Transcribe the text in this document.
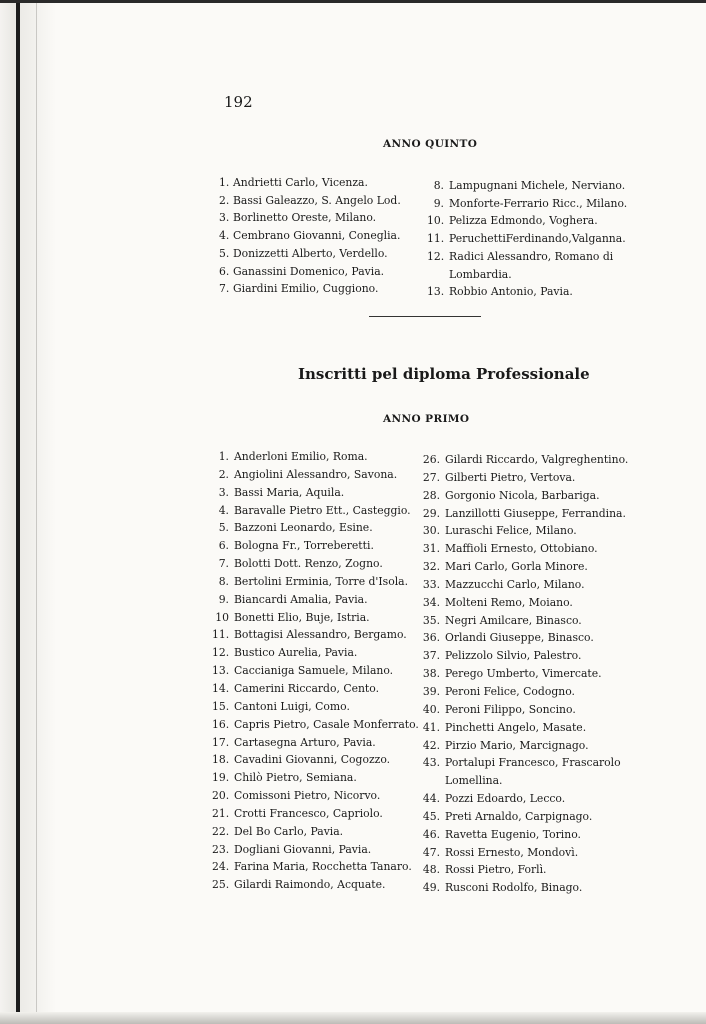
192
ANNO QUINTO
1. Andrietti Carlo, Vicenza.
2. Bassi Galeazzo, S. Angelo Lod.
3. Borlinetto Oreste, Milano.
4. Cembrano Giovanni, Coneglia.
5. Donizzetti Alberto, Verdello.
6. Ganassini Domenico, Pavia.
7. Giardini Emilio, Cuggiono.
8. Lampugnani Michele, Nerviano.
9. Monforte-Ferrario Ricc., Milano.
10. Pelizza Edmondo, Voghera.
11. PeruchettiFerdinando,Valganna.
12. Radici Alessandro, Romano di
Lombardia.
13. Robbio Antonio, Pavia.
Inscritti pel diploma Professionale
ANNO PRIMO
1. Anderloni Emilio, Roma.
2. Angiolini Alessandro, Savona.
3. Bassi Maria, Aquila.
4. Baravalle Pietro Ett., Casteggio.
5. Bazzoni Leonardo, Esine.
6. Bologna Fr., Torreberetti.
7. Bolotti Dott. Renzo, Zogno.
8. Bertolini Erminia, Torre d'Isola.
9. Biancardi Amalia, Pavia.
10 Bonetti Elio, Buje, Istria.
11. Bottagisi Alessandro, Bergamo.
12. Bustico Aurelia, Pavia.
13. Caccianiga Samuele, Milano.
14. Camerini Riccardo, Cento.
15. Cantoni Luigi, Como.
16. Capris Pietro, Casale Monferrato.
17. Cartasegna Arturo, Pavia.
18. Cavadini Giovanni, Cogozzo.
19. Chilò Pietro, Semiana.
20. Comissoni Pietro, Nicorvo.
21. Crotti Francesco, Capriolo.
22. Del Bo Carlo, Pavia.
23. Dogliani Giovanni, Pavia.
24. Farina Maria, Rocchetta Tanaro.
25. Gilardi Raimondo, Acquate.
26. Gilardi Riccardo, Valgreghentino.
27. Gilberti Pietro, Vertova.
28. Gorgonio Nicola, Barbariga.
29. Lanzillotti Giuseppe, Ferrandina.
30. Luraschi Felice, Milano.
31. Maffioli Ernesto, Ottobiano.
32. Mari Carlo, Gorla Minore.
33. Mazzucchi Carlo, Milano.
34. Molteni Remo, Moiano.
35. Negri Amilcare, Binasco.
36. Orlandi Giuseppe, Binasco.
37. Pelizzolo Silvio, Palestro.
38. Perego Umberto, Vimercate.
39. Peroni Felice, Codogno.
40. Peroni Filippo, Soncino.
41. Pinchetti Angelo, Masate.
42. Pirzio Mario, Marcignago.
43. Portalupi Francesco, Frascarolo
Lomellina.
44. Pozzi Edoardo, Lecco.
45. Preti Arnaldo, Carpignago.
46. Ravetta Eugenio, Torino.
47. Rossi Ernesto, Mondovì.
48. Rossi Pietro, Forlì.
49. Rusconi Rodolfo, Binago.
